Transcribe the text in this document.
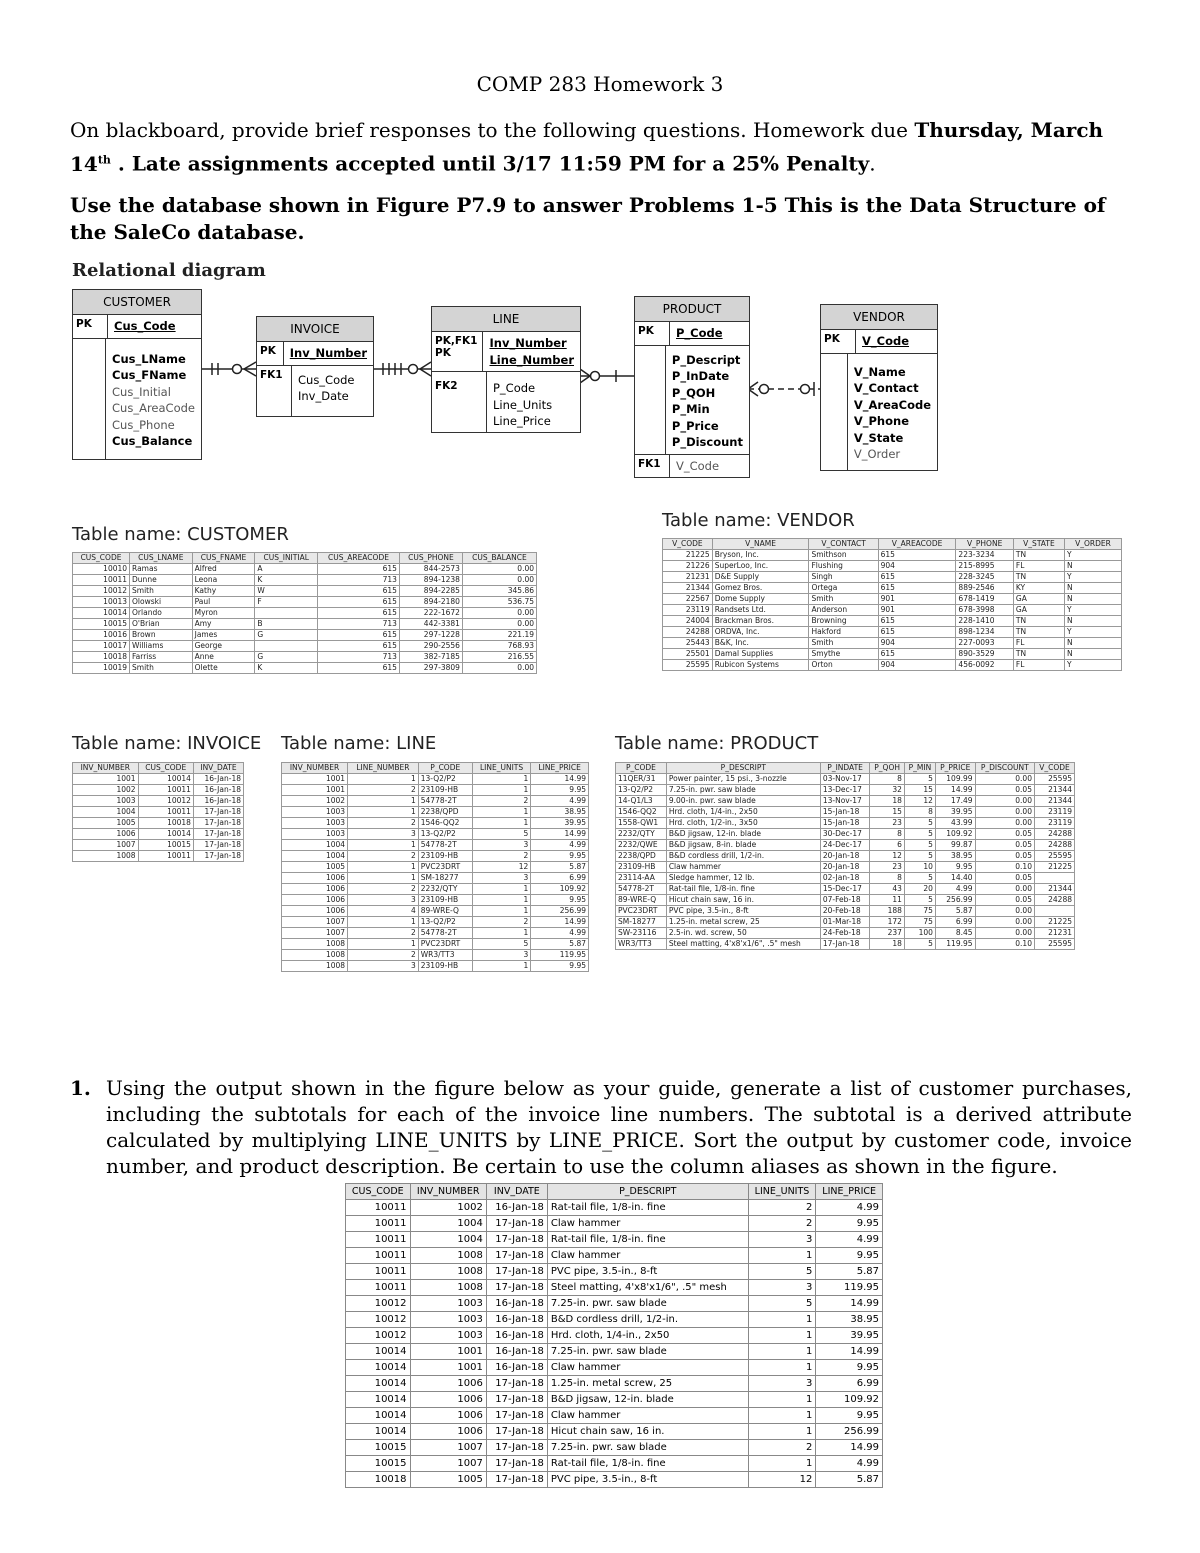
COMP 283 Homework 3
On blackboard, provide brief responses to the following questions. Homework due Thursday, March 14th . Late assignments accepted until 3/17 11:59 PM for a 25% Penalty.
Use the database shown in Figure P7.9 to answer Problems 1-5 This is the Data Structure of the SaleCo database.
Relational diagram
CUSTOMER
PK	Cus_Code
Cus_LName
Cus_FName
Cus_Initial
Cus_AreaCode
Cus_Phone
Cus_Balance
INVOICE
PK	Inv_Number
FK1	Cus_Code
Inv_Date
LINE
PK,FK1
PK
Inv_Number
Line_Number
FK2	P_Code
Line_Units
Line_Price
PRODUCT
PK	P_Code
P_Descript
P_InDate
P_QOH
P_Min
P_Price
P_Discount
FK1	V_Code
VENDOR
PK	V_Code
V_Name
V_Contact
V_AreaCode
V_Phone
V_State
V_Order
Table name: CUSTOMER
Table name: VENDOR
Table name: INVOICE Table name: LINE	Table name: PRODUCT
CUS_CODE	CUS_LNAME	CUS_FNAME	CUS_INITIAL	CUS_AREACODE	CUS_PHONE	CUS_BALANCE
10010	Ramas	Alfred	A	615	844-2573	0.00
10011	Dunne	Leona	K	713	894-1238	0.00
10012	Smith	Kathy	W	615	894-2285	345.86
10013	Olowski	Paul	F	615	894-2180	536.75
10014	Orlando	Myron		615	222-1672	0.00
10015	O'Brian	Amy	B	713	442-3381	0.00
10016	Brown	James	G	615	297-1228	221.19
10017	Williams	George		615	290-2556	768.93
10018	Farriss	Anne	G	713	382-7185	216.55
10019	Smith	Olette	K	615	297-3809	0.00
V_CODE	V_NAME	V_CONTACT	V_AREACODE	V_PHONE	V_STATE	V_ORDER
21225	Bryson, Inc.	Smithson	615	223-3234	TN	Y
21226	SuperLoo, Inc.	Flushing	904	215-8995	FL	N
21231	D&E Supply	Singh	615	228-3245	TN	Y
21344	Gomez Bros.	Ortega	615	889-2546	KY	N
22567	Dome Supply	Smith	901	678-1419	GA	N
23119	Randsets Ltd.	Anderson	901	678-3998	GA	Y
24004	Brackman Bros.	Browning	615	228-1410	TN	N
24288	ORDVA, Inc.	Hakford	615	898-1234	TN	Y
25443	B&K, Inc.	Smith	904	227-0093	FL	N
25501	Damal Supplies	Smythe	615	890-3529	TN	N
25595	Rubicon Systems	Orton	904	456-0092	FL	Y
INV_NUMBER	CUS_CODE	INV_DATE
1001	10014	16-Jan-18
1002	10011	16-Jan-18
1003	10012	16-Jan-18
1004	10011	17-Jan-18
1005	10018	17-Jan-18
1006	10014	17-Jan-18
1007	10015	17-Jan-18
1008	10011	17-Jan-18
INV_NUMBER	LINE_NUMBER	P_CODE	LINE_UNITS	LINE_PRICE
1001	1	13-Q2/P2	1	14.99
1001	2	23109-HB	1	9.95
1002	1	54778-2T	2	4.99
1003	1	2238/QPD	1	38.95
1003	2	1546-QQ2	1	39.95
1003	3	13-Q2/P2	5	14.99
1004	1	54778-2T	3	4.99
1004	2	23109-HB	2	9.95
1005	1	PVC23DRT	12	5.87
1006	1	SM-18277	3	6.99
1006	2	2232/QTY	1	109.92
1006	3	23109-HB	1	9.95
1006	4	89-WRE-Q	1	256.99
1007	1	13-Q2/P2	2	14.99
1007	2	54778-2T	1	4.99
1008	1	PVC23DRT	5	5.87
1008	2	WR3/TT3	3	119.95
1008	3	23109-HB	1	9.95
P_CODE	P_DESCRIPT	P_INDATE	P_QOH	P_MIN	P_PRICE	P_DISCOUNT	V_CODE
11QER/31	Power painter, 15 psi., 3-nozzle	03-Nov-17	8	5	109.99	0.00	25595
13-Q2/P2	7.25-in. pwr. saw blade	13-Dec-17	32	15	14.99	0.05	21344
14-Q1/L3	9.00-in. pwr. saw blade	13-Nov-17	18	12	17.49	0.00	21344
1546-QQ2	Hrd. cloth, 1/4-in., 2x50	15-Jan-18	15	8	39.95	0.00	23119
1558-QW1	Hrd. cloth, 1/2-in., 3x50	15-Jan-18	23	5	43.99	0.00	23119
2232/QTY	B&D jigsaw, 12-in. blade	30-Dec-17	8	5	109.92	0.05	24288
2232/QWE	B&D jigsaw, 8-in. blade	24-Dec-17	6	5	99.87	0.05	24288
2238/QPD	B&D cordless drill, 1/2-in.	20-Jan-18	12	5	38.95	0.05	25595
23109-HB	Claw hammer	20-Jan-18	23	10	9.95	0.10	21225
23114-AA	Sledge hammer, 12 lb.	02-Jan-18	8	5	14.40	0.05	
54778-2T	Rat-tail file, 1/8-in. fine	15-Dec-17	43	20	4.99	0.00	21344
89-WRE-Q	Hicut chain saw, 16 in.	07-Feb-18	11	5	256.99	0.05	24288
PVC23DRT	PVC pipe, 3.5-in., 8-ft	20-Feb-18	188	75	5.87	0.00	
SM-18277	1.25-in. metal screw, 25	01-Mar-18	172	75	6.99	0.00	21225
SW-23116	2.5-in. wd. screw, 50	24-Feb-18	237	100	8.45	0.00	21231
WR3/TT3	Steel matting, 4'x8'x1/6", .5" mesh	17-Jan-18	18	5	119.95	0.10	25595
1. Using the output shown in the figure below as your guide, generate a list of customer purchases, including the subtotals for each of the invoice line numbers. The subtotal is a derived attribute calculated by multiplying LINE_UNITS by LINE_PRICE. Sort the output by customer code, invoice number, and product description. Be certain to use the column aliases as shown in the figure.
CUS_CODE	INV_NUMBER	INV_DATE	P_DESCRIPT	LINE_UNITS	LINE_PRICE
10011	1002	16-Jan-18	Rat-tail file, 1/8-in. fine	2	4.99
10011	1004	17-Jan-18	Claw hammer	2	9.95
10011	1004	17-Jan-18	Rat-tail file, 1/8-in. fine	3	4.99
10011	1008	17-Jan-18	Claw hammer	1	9.95
10011	1008	17-Jan-18	PVC pipe, 3.5-in., 8-ft	5	5.87
10011	1008	17-Jan-18	Steel matting, 4'x8'x1/6", .5" mesh	3	119.95
10012	1003	16-Jan-18	7.25-in. pwr. saw blade	5	14.99
10012	1003	16-Jan-18	B&D cordless drill, 1/2-in.	1	38.95
10012	1003	16-Jan-18	Hrd. cloth, 1/4-in., 2x50	1	39.95
10014	1001	16-Jan-18	7.25-in. pwr. saw blade	1	14.99
10014	1001	16-Jan-18	Claw hammer	1	9.95
10014	1006	17-Jan-18	1.25-in. metal screw, 25	3	6.99
10014	1006	17-Jan-18	B&D jigsaw, 12-in. blade	1	109.92
10014	1006	17-Jan-18	Claw hammer	1	9.95
10014	1006	17-Jan-18	Hicut chain saw, 16 in.	1	256.99
10015	1007	17-Jan-18	7.25-in. pwr. saw blade	2	14.99
10015	1007	17-Jan-18	Rat-tail file, 1/8-in. fine	1	4.99
10018	1005	17-Jan-18	PVC pipe, 3.5-in., 8-ft	12	5.87
